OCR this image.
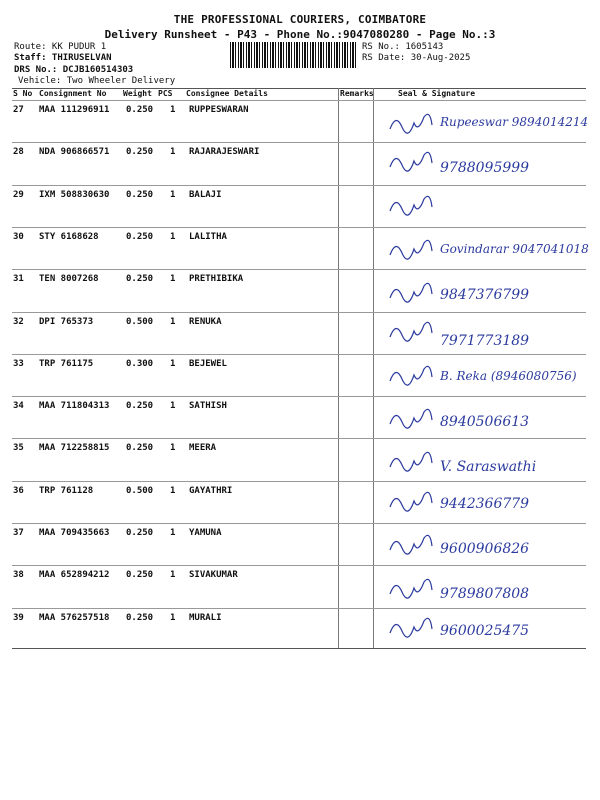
THE PROFESSIONAL COURIERS, COIMBATORE
Delivery Runsheet - P43 - Phone No.:9047080280 - Page No.:3
Route: KK PUDUR 1
Staff: THIRUSELVAN
DRS No.: DCJB160514303
Vehicle: Two Wheeler Delivery
RS No.: 1605143
RS Date: 30-Aug-2025
S No Consignment No Weight PCS Consignee Details	Remarks	Seal & Signature
27 MAA 111296911 0.250 1 RUPPESWARAN
Rupeeswar 9894014214
28 NDA 906866571 0.250 1 RAJARAJESWARI
9788095999
29 IXM 508830630 0.250 1 BALAJI
30 STY 6168628	0.250 1 LALITHA
Govindarar 9047041018
31 TEN 8007268	0.250 1 PRETHIBIKA
9847376799
32 DPI 765373	0.500 1 RENUKA
7971773189
33 TRP 761175	0.300 1 BEJEWEL
B. Reka (8946080756)
34 MAA 711804313 0.250 1 SATHISH
8940506613
35 MAA 712258815 0.250 1 MEERA
V. Saraswathi
36 TRP 761128	0.500 1 GAYATHRI
9442366779
37 MAA 709435663 0.250 1 YAMUNA
9600906826
38 MAA 652894212 0.250 1 SIVAKUMAR
9789807808
39 MAA 576257518 0.250 1 MURALI
9600025475
